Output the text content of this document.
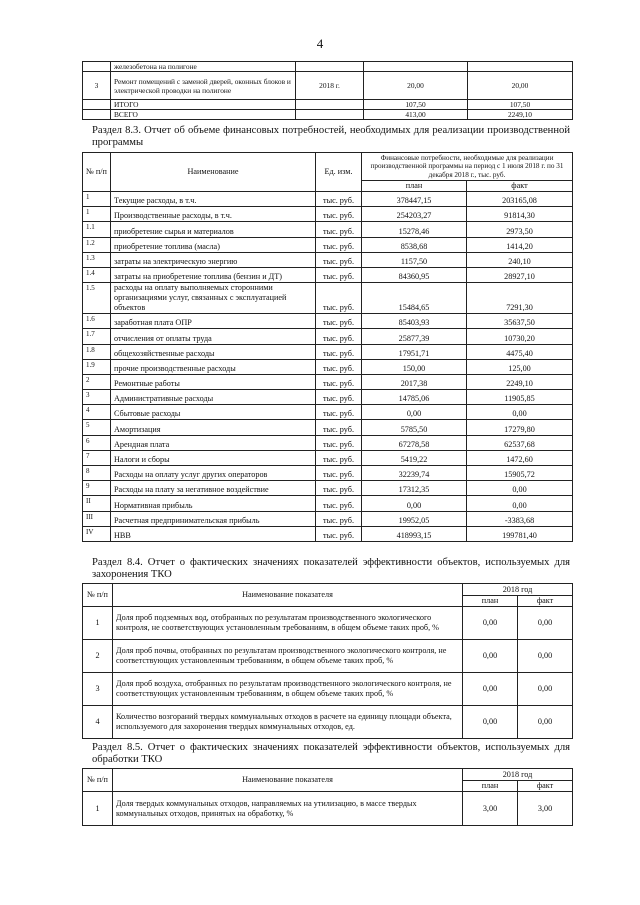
4
	железобетона на полигоне			
3	Ремонт помещений с заменой дверей, оконных блоков и электрической проводки на полигоне	2018 г.	20,00	20,00
	ИТОГО		107,50	107,50
	ВСЕГО		413,00	2249,10
Раздел 8.3. Отчет об объеме финансовых потребностей, необходимых для реализации производственной программы
№ п/п	Наименование	Ед. изм.	Финансовые потребности, необходимые для реализации производственной программы на период с 1 июля 2018 г. по 31 декабря 2018 г., тыс. руб.	
			план	факт
1	Текущие расходы, в т.ч.	тыс. руб.	378447,15	203165,08
1	Производственные расходы, в т.ч.	тыс. руб.	254203,27	91814,30
1.1	приобретение сырья и материалов	тыс. руб.	15278,46	2973,50
1.2	приобретение топлива (масла)	тыс. руб.	8538,68	1414,20
1.3	затраты на электрическую энергию	тыс. руб.	1157,50	240,10
1.4	затраты на приобретение топлива (бензин и ДТ)	тыс. руб.	84360,95	28927,10
1.5	расходы на оплату выполняемых сторонними организациями услуг, связанных с эксплуатацией объектов	тыс. руб.	15484,65	7291,30
1.6	заработная плата ОПР	тыс. руб.	85403,93	35637,50
1.7	отчисления от оплаты труда	тыс. руб.	25877,39	10730,20
1.8	общехозяйственные расходы	тыс. руб.	17951,71	4475,40
1.9	прочие производственные расходы	тыс. руб.	150,00	125,00
2	Ремонтные работы	тыс. руб.	2017,38	2249,10
3	Административные расходы	тыс. руб.	14785,06	11905,85
4	Сбытовые расходы	тыс. руб.	0,00	0,00
5	Амортизация	тыс. руб.	5785,50	17279,80
6	Арендная плата	тыс. руб.	67278,58	62537,68
7	Налоги и сборы	тыс. руб.	5419,22	1472,60
8	Расходы на оплату услуг других операторов	тыс. руб.	32239,74	15905,72
9	Расходы на плату за негативное воздействие	тыс. руб.	17312,35	0,00
II	Нормативная прибыль	тыс. руб.	0,00	0,00
III	Расчетная предпринимательская прибыль	тыс. руб.	19952,05	-3383,68
IV	НВВ	тыс. руб.	418993,15	199781,40
Раздел 8.4. Отчет о фактических значениях показателей эффективности объектов, используемых для захоронения ТКО
№ п/п	Наименование показателя	2018 год	
		план	факт
1	Доля проб подземных вод, отобранных по результатам производственного экологического контроля, не соответствующих установленным требованиям, в общем объеме таких проб, %	0,00	0,00
2	Доля проб почвы, отобранных по результатам производственного экологического контроля, не соответствующих установленным требованиям, в общем объеме таких проб, %	0,00	0,00
3	Доля проб воздуха, отобранных по результатам производственного экологического контроля, не соответствующих установленным требованиям, в общем объеме таких проб, %	0,00	0,00
4	Количество возгораний твердых коммунальных отходов в расчете на единицу площади объекта, используемого для захоронения твердых коммунальных отходов, ед.	0,00	0,00
Раздел 8.5. Отчет о фактических значениях показателей эффективности объектов, используемых для обработки ТКО
№ п/п	Наименование показателя	2018 год	
		план	факт
1	Доля твердых коммунальных отходов, направляемых на утилизацию, в массе твердых коммунальных отходов, принятых на обработку, %	3,00	3,00
